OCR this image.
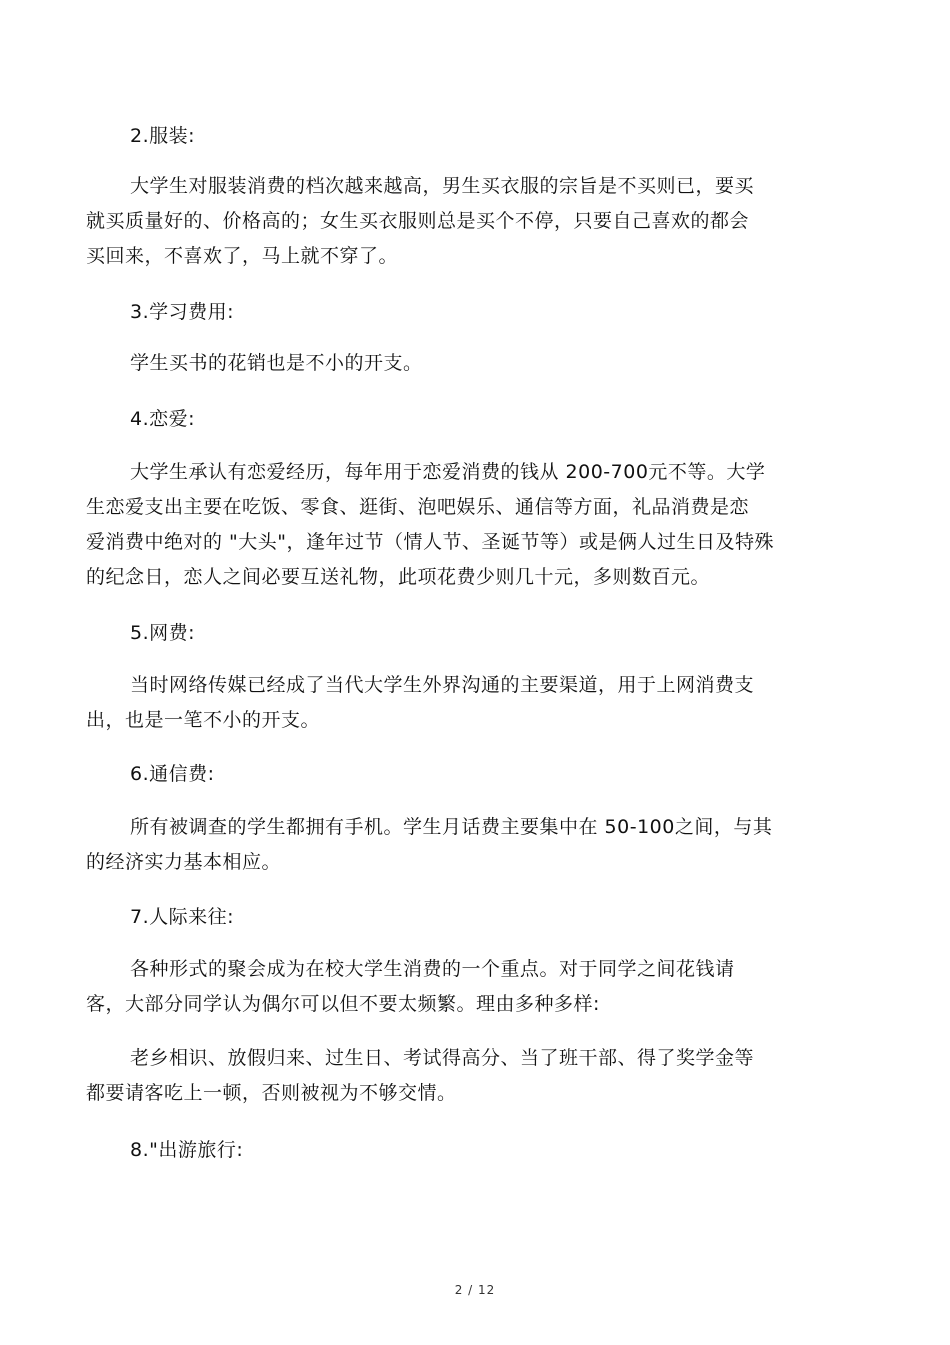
2.服装:
大学生对服装消费的档次越来越高，男生买衣服的宗旨是不买则已，要买
就买质量好的、价格高的；女生买衣服则总是买个不停，只要自己喜欢的都会
买回来，不喜欢了，马上就不穿了。
3.学习费用:
学生买书的花销也是不小的开支。
4.恋爱:
大学生承认有恋爱经历，每年用于恋爱消费的钱从 200-700元不等。大学
生恋爱支出主要在吃饭、零食、逛街、泡吧娱乐、通信等方面，礼品消费是恋
爱消费中绝对的 "大头"，逢年过节（情人节、圣诞节等）或是俩人过生日及特殊
的纪念日，恋人之间必要互送礼物，此项花费少则几十元，多则数百元。
5.网费:
当时网络传媒已经成了当代大学生外界沟通的主要渠道，用于上网消费支
出，也是一笔不小的开支。
6.通信费:
所有被调查的学生都拥有手机。学生月话费主要集中在 50-100之间，与其
的经济实力基本相应。
7.人际来往:
各种形式的聚会成为在校大学生消费的一个重点。对于同学之间花钱请
客，大部分同学认为偶尔可以但不要太频繁。理由多种多样:
老乡相识、放假归来、过生日、考试得高分、当了班干部、得了奖学金等
都要请客吃上一顿，否则被视为不够交情。
8."出游旅行:
2 / 12
